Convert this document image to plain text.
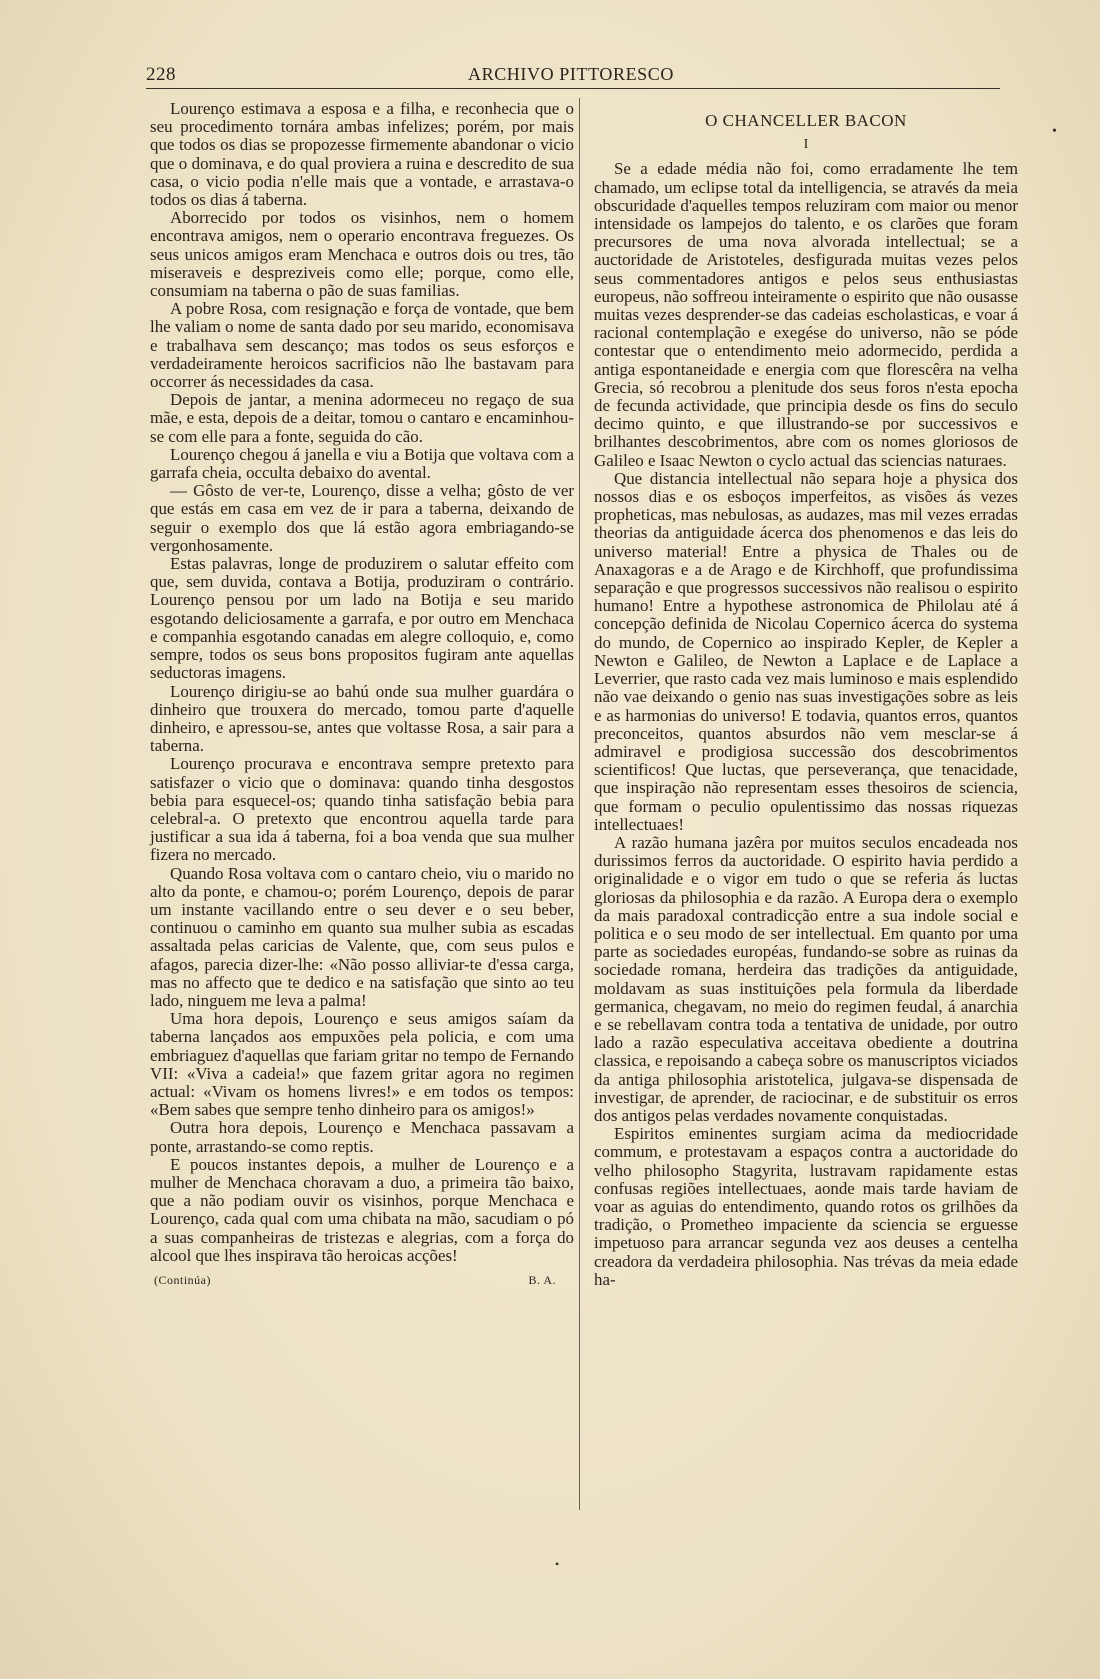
228	ARCHIVO PITTORESCO

Lourenço estimava a esposa e a filha, e reconhecia que o seu procedimento tornára ambas infelizes; porém, por mais que todos os dias se propozesse firmemente abandonar o vicio que o dominava, e do qual proviera a ruina e descredito de sua casa, o vicio podia n'elle mais que a vontade, e arrastava-o todos os dias á taberna.

Aborrecido por todos os visinhos, nem o homem encontrava amigos, nem o operario encontrava freguezes. Os seus unicos amigos eram Menchaca e outros dois ou tres, tão miseraveis e despreziveis como elle; porque, como elle, consumiam na taberna o pão de suas familias.

A pobre Rosa, com resignação e força de vontade, que bem lhe valiam o nome de santa dado por seu marido, economisava e trabalhava sem descanço; mas todos os seus esforços e verdadeiramente heroicos sacrificios não lhe bastavam para occorrer ás necessidades da casa.

Depois de jantar, a menina adormeceu no regaço de sua mãe, e esta, depois de a deitar, tomou o cantaro e encaminhou-se com elle para a fonte, seguida do cão.

Lourenço chegou á janella e viu a Botija que voltava com a garrafa cheia, occulta debaixo do avental.

— Gôsto de ver-te, Lourenço, disse a velha; gôsto de ver que estás em casa em vez de ir para a taberna, deixando de seguir o exemplo dos que lá estão agora embriagando-se vergonhosamente.

Estas palavras, longe de produzirem o salutar effeito com que, sem duvida, contava a Botija, produziram o contrário. Lourenço pensou por um lado na Botija e seu marido esgotando deliciosamente a garrafa, e por outro em Menchaca e companhia esgotando canadas em alegre colloquio, e, como sempre, todos os seus bons propositos fugiram ante aquellas seductoras imagens.

Lourenço dirigiu-se ao bahú onde sua mulher guardára o dinheiro que trouxera do mercado, tomou parte d'aquelle dinheiro, e apressou-se, antes que voltasse Rosa, a sair para a taberna.

Lourenço procurava e encontrava sempre pretexto para satisfazer o vicio que o dominava: quando tinha desgostos bebia para esquecel-os; quando tinha satisfação bebia para celebral-a. O pretexto que encontrou aquella tarde para justificar a sua ida á taberna, foi a boa venda que sua mulher fizera no mercado.

Quando Rosa voltava com o cantaro cheio, viu o marido no alto da ponte, e chamou-o; porém Lourenço, depois de parar um instante vacillando entre o seu dever e o seu beber, continuou o caminho em quanto sua mulher subia as escadas assaltada pelas caricias de Valente, que, com seus pulos e afagos, parecia dizer-lhe: «Não posso alliviar-te d'essa carga, mas no affecto que te dedico e na satisfação que sinto ao teu lado, ninguem me leva a palma!

Uma hora depois, Lourenço e seus amigos saíam da taberna lançados aos empuxões pela policia, e com uma embriaguez d'aquellas que fariam gritar no tempo de Fernando VII: «Viva a cadeia!» que fazem gritar agora no regimen actual: «Vivam os homens livres!» e em todos os tempos: «Bem sabes que sempre tenho dinheiro para os amigos!»

Outra hora depois, Lourenço e Menchaca passavam a ponte, arrastando-se como reptis.

E poucos instantes depois, a mulher de Lourenço e a mulher de Menchaca choravam a duo, a primeira tão baixo, que a não podiam ouvir os visinhos, porque Menchaca e Lourenço, cada qual com uma chibata na mão, sacudiam o pó a suas companheiras de tristezas e alegrias, com a força do alcool que lhes inspirava tão heroicas acções!

(Continúa)	B. A.
O CHANCELLER BACON
I

Se a edade média não foi, como erradamente lhe tem chamado, um eclipse total da intelligencia, se através da meia obscuridade d'aquelles tempos reluziram com maior ou menor intensidade os lampejos do talento, e os clarões que foram precursores de uma nova alvorada intellectual; se a auctoridade de Aristoteles, desfigurada muitas vezes pelos seus commentadores antigos e pelos seus enthusiastas europeus, não soffreou inteiramente o espirito que não ousasse muitas vezes desprender-se das cadeias escholasticas, e voar á racional contemplação e exegése do universo, não se póde contestar que o entendimento meio adormecido, perdida a antiga espontaneidade e energia com que florescêra na velha Grecia, só recobrou a plenitude dos seus foros n'esta epocha de fecunda actividade, que principia desde os fins do seculo decimo quinto, e que illustrando-se por successivos e brilhantes descobrimentos, abre com os nomes gloriosos de Galileo e Isaac Newton o cyclo actual das sciencias naturaes.

Que distancia intellectual não separa hoje a physica dos nossos dias e os esboços imperfeitos, as visões ás vezes propheticas, mas nebulosas, as audazes, mas mil vezes erradas theorias da antiguidade ácerca dos phenomenos e das leis do universo material! Entre a physica de Thales ou de Anaxagoras e a de Arago e de Kirchhoff, que profundissima separação e que progressos successivos não realisou o espirito humano! Entre a hypothese astronomica de Philolau até á concepção definida de Nicolau Copernico ácerca do systema do mundo, de Copernico ao inspirado Kepler, de Kepler a Newton e Galileo, de Newton a Laplace e de Laplace a Leverrier, que rasto cada vez mais luminoso e mais esplendido não vae deixando o genio nas suas investigações sobre as leis e as harmonias do universo! E todavia, quantos erros, quantos preconceitos, quantos absurdos não vem mesclar-se á admiravel e prodigiosa successão dos descobrimentos scientificos! Que luctas, que perseverança, que tenacidade, que inspiração não representam esses thesoiros de sciencia, que formam o peculio opulentissimo das nossas riquezas intellectuaes!

A razão humana jazêra por muitos seculos encadeada nos durissimos ferros da auctoridade. O espirito havia perdido a originalidade e o vigor em tudo o que se referia ás luctas gloriosas da philosophia e da razão. A Europa dera o exemplo da mais paradoxal contradicção entre a sua indole social e politica e o seu modo de ser intellectual. Em quanto por uma parte as sociedades européas, fundando-se sobre as ruinas da sociedade romana, herdeira das tradições da antiguidade, moldavam as suas instituições pela formula da liberdade germanica, chegavam, no meio do regimen feudal, á anarchia e se rebellavam contra toda a tentativa de unidade, por outro lado a razão especulativa acceitava obediente a doutrina classica, e repoisando a cabeça sobre os manuscriptos viciados da antiga philosophia aristotelica, julgava-se dispensada de investigar, de aprender, de raciocinar, e de substituir os erros dos antigos pelas verdades novamente conquistadas.

Espiritos eminentes surgiam acima da mediocridade commum, e protestavam a espaços contra a auctoridade do velho philosopho Stagyrita, lustravam rapidamente estas confusas regiões intellectuaes, aonde mais tarde haviam de voar as aguias do entendimento, quando rotos os grilhões da tradição, o Prometheo impaciente da sciencia se erguesse impetuoso para arrancar segunda vez aos deuses a centelha creadora da verdadeira philosophia. Nas trévas da meia edade ha-

•
•
